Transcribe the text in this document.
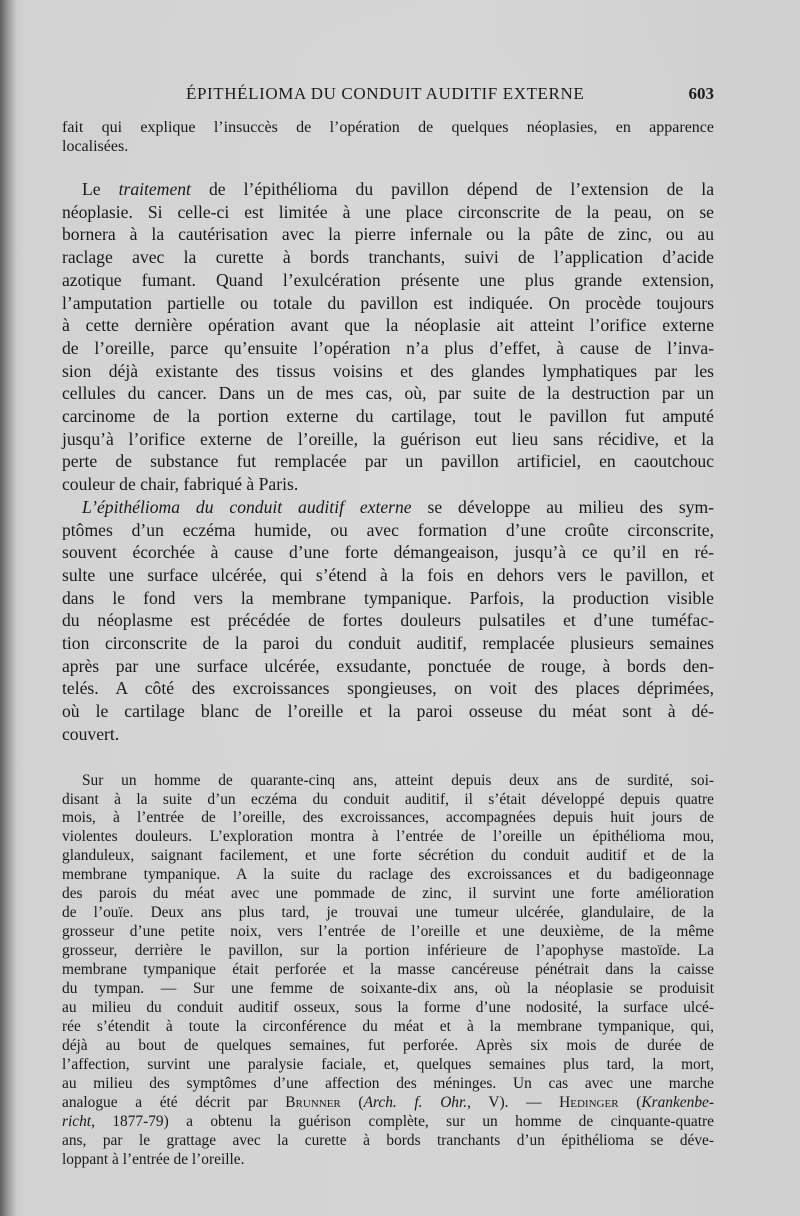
ÉPITHÉLIOMA DU CONDUIT AUDITIF EXTERNE	603

fait qui explique l’insuccès de l’opération de quelques néoplasies, en apparence
localisées.

Le traitement de l’épithélioma du pavillon dépend de l’extension de la
néoplasie. Si celle-ci est limitée à une place circonscrite de la peau, on se
bornera à la cautérisation avec la pierre infernale ou la pâte de zinc, ou au
raclage avec la curette à bords tranchants, suivi de l’application d’acide
azotique fumant. Quand l’exulcération présente une plus grande extension,
l’amputation partielle ou totale du pavillon est indiquée. On procède toujours
à cette dernière opération avant que la néoplasie ait atteint l’orifice externe
de l’oreille, parce qu’ensuite l’opération n’a plus d’effet, à cause de l’inva-
sion déjà existante des tissus voisins et des glandes lymphatiques par les
cellules du cancer. Dans un de mes cas, où, par suite de la destruction par un
carcinome de la portion externe du cartilage, tout le pavillon fut amputé
jusqu’à l’orifice externe de l’oreille, la guérison eut lieu sans récidive, et la
perte de substance fut remplacée par un pavillon artificiel, en caoutchouc
couleur de chair, fabriqué à Paris.

L’épithélioma du conduit auditif externe se développe au milieu des sym-
ptômes d’un eczéma humide, ou avec formation d’une croûte circonscrite,
souvent écorchée à cause d’une forte démangeaison, jusqu’à ce qu’il en ré-
sulte une surface ulcérée, qui s’étend à la fois en dehors vers le pavillon, et
dans le fond vers la membrane tympanique. Parfois, la production visible
du néoplasme est précédée de fortes douleurs pulsatiles et d’une tuméfac-
tion circonscrite de la paroi du conduit auditif, remplacée plusieurs semaines
après par une surface ulcérée, exsudante, ponctuée de rouge, à bords den-
telés. A côté des excroissances spongieuses, on voit des places déprimées,
où le cartilage blanc de l’oreille et la paroi osseuse du méat sont à dé-
couvert.

Sur un homme de quarante-cinq ans, atteint depuis deux ans de surdité, soi-
disant à la suite d’un eczéma du conduit auditif, il s’était développé depuis quatre
mois, à l’entrée de l’oreille, des excroissances, accompagnées depuis huit jours de
violentes douleurs. L’exploration montra à l’entrée de l’oreille un épithélioma mou,
glanduleux, saignant facilement, et une forte sécrétion du conduit auditif et de la
membrane tympanique. A la suite du raclage des excroissances et du badigeonnage
des parois du méat avec une pommade de zinc, il survint une forte amélioration
de l’ouïe. Deux ans plus tard, je trouvai une tumeur ulcérée, glandulaire, de la
grosseur d’une petite noix, vers l’entrée de l’oreille et une deuxième, de la même
grosseur, derrière le pavillon, sur la portion inférieure de l’apophyse mastoïde. La
membrane tympanique était perforée et la masse cancéreuse pénétrait dans la caisse
du tympan. — Sur une femme de soixante-dix ans, où la néoplasie se produisit
au milieu du conduit auditif osseux, sous la forme d’une nodosité, la surface ulcé-
rée s’étendit à toute la circonférence du méat et à la membrane tympanique, qui,
déjà au bout de quelques semaines, fut perforée. Après six mois de durée de
l’affection, survint une paralysie faciale, et, quelques semaines plus tard, la mort,
au milieu des symptômes d’une affection des méninges. Un cas avec une marche
analogue a été décrit par Brunner (Arch. f. Ohr., V). — Hedinger (Krankenbe-
richt, 1877-79) a obtenu la guérison complète, sur un homme de cinquante-quatre
ans, par le grattage avec la curette à bords tranchants d’un épithélioma se déve-
loppant à l’entrée de l’oreille.
